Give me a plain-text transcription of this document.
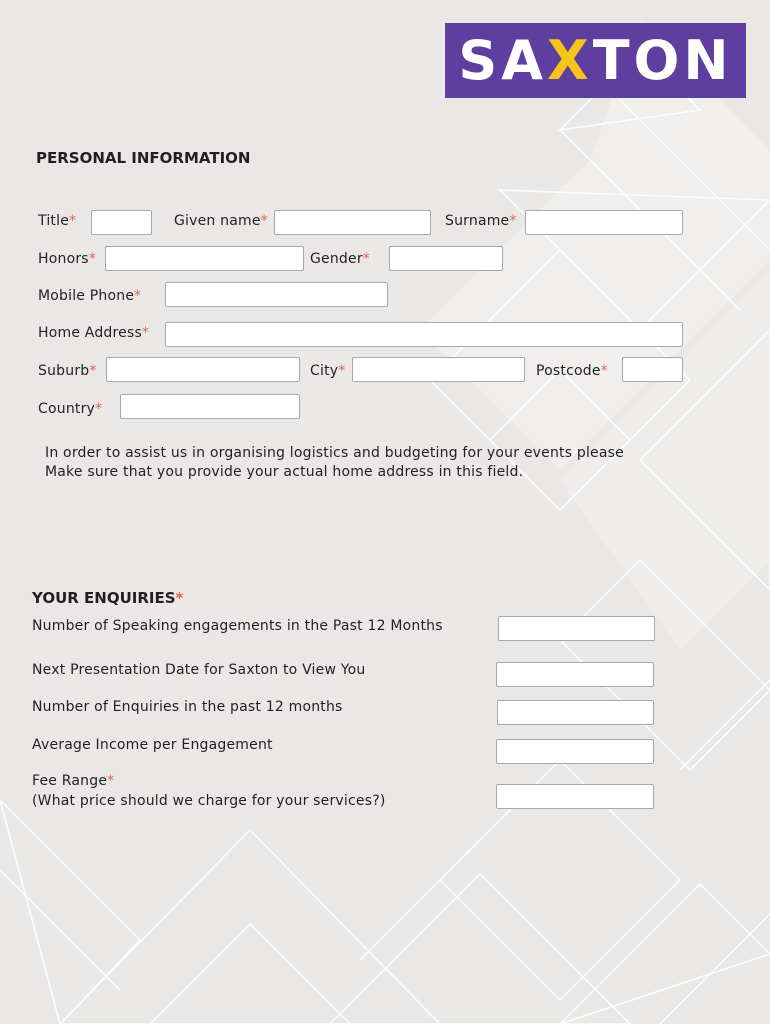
SA X TON
PERSONAL INFORMATION
Title*	Given name*	Surname*
Honors*	Gender*
Mobile Phone*
Home Address*
Suburb*	City*	Postcode*
Country*
In order to assist us in organising logistics and budgeting for your events please
Make sure that you provide your actual home address in this field.
YOUR ENQUIRIES*
Number of Speaking engagements in the Past 12 Months
Next Presentation Date for Saxton to View You
Number of Enquiries in the past 12 months
Average Income per Engagement
Fee Range*
(What price should we charge for your services?)
